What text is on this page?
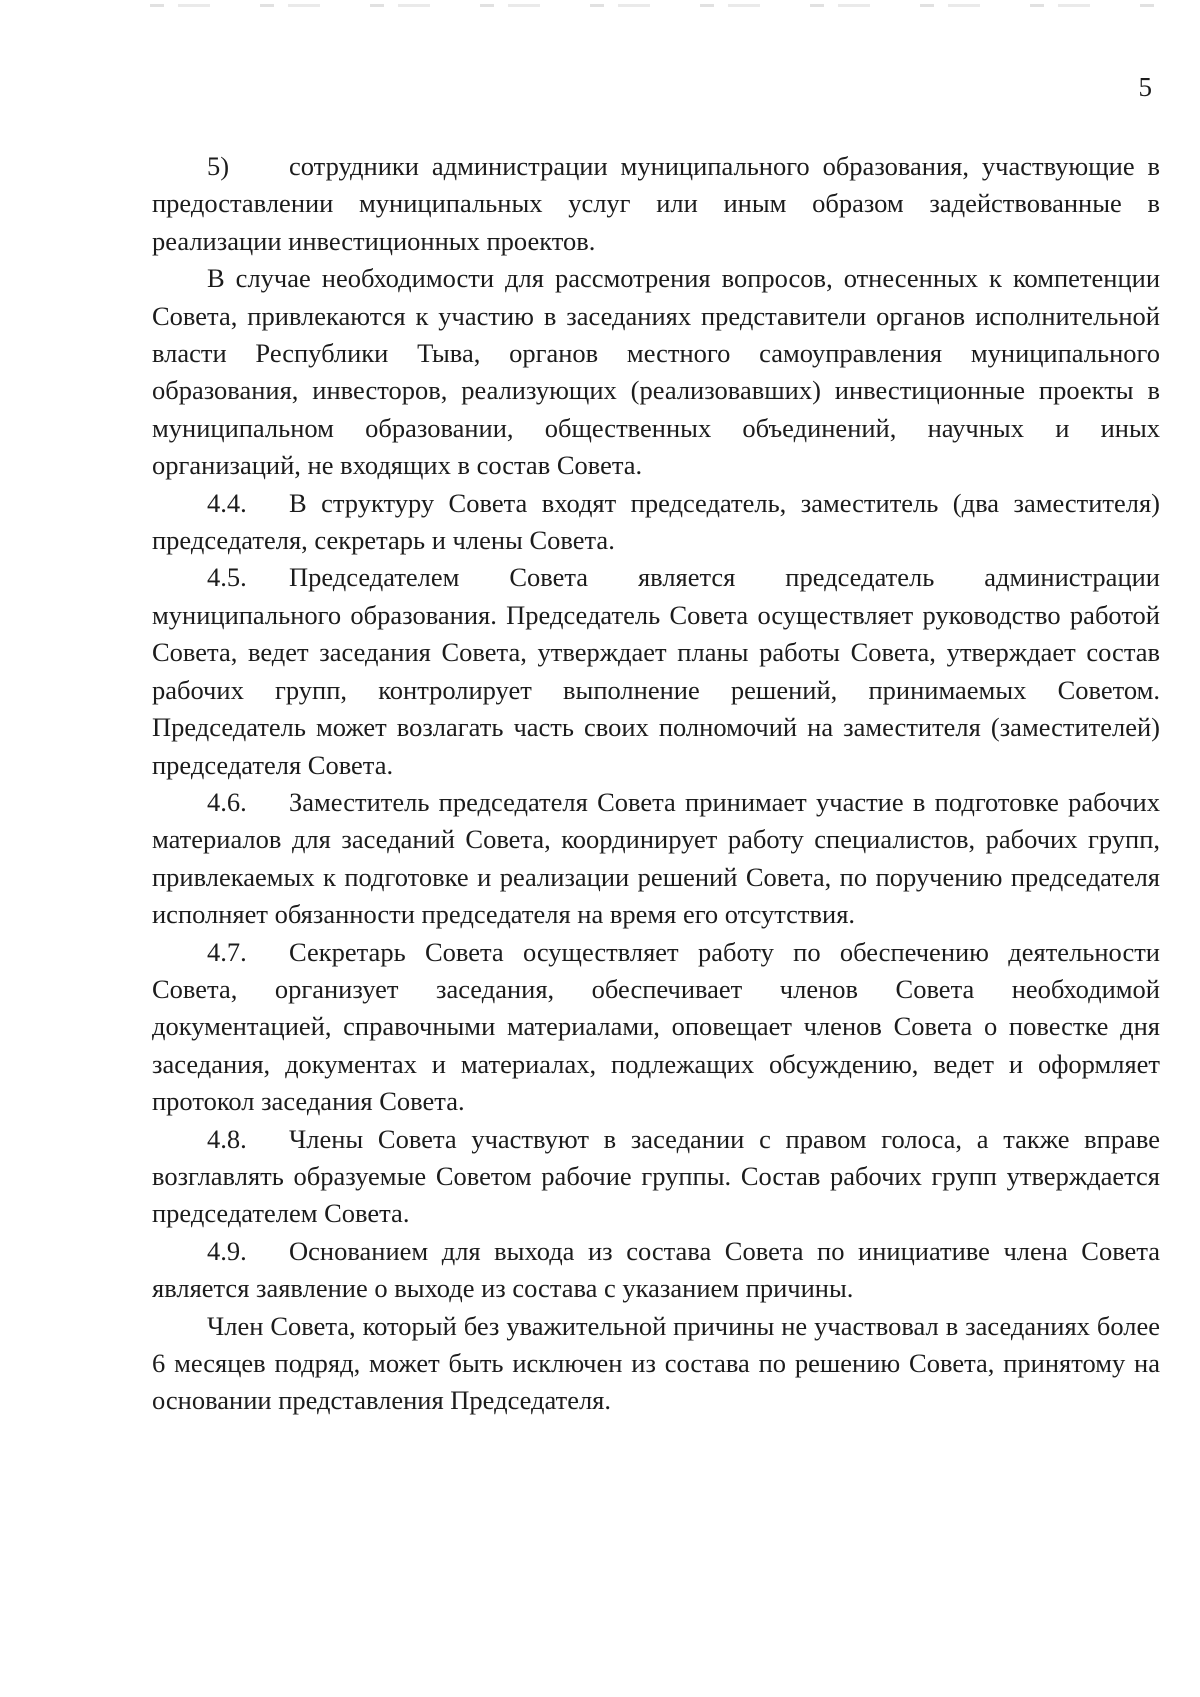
5

5) сотрудники администрации муниципального образования, участвующие в предоставлении муниципальных услуг или иным образом задействованные в реализации инвестиционных проектов.

В случае необходимости для рассмотрения вопросов, отнесенных к компетенции Совета, привлекаются к участию в заседаниях представители органов исполнительной власти Республики Тыва, органов местного самоуправления муниципального образования, инвесторов, реализующих (реализовавших) инвестиционные проекты в муниципальном образовании, общественных объединений, научных и иных организаций, не входящих в состав Совета.

4.4. В структуру Совета входят председатель, заместитель (два заместителя) председателя, секретарь и члены Совета.

4.5. Председателем Совета является председатель администрации муниципального образования. Председатель Совета осуществляет руководство работой Совета, ведет заседания Совета, утверждает планы работы Совета, утверждает состав рабочих групп, контролирует выполнение решений, принимаемых Советом. Председатель может возлагать часть своих полномочий на заместителя (заместителей) председателя Совета.

4.6. Заместитель председателя Совета принимает участие в подготовке рабочих материалов для заседаний Совета, координирует работу специалистов, рабочих групп, привлекаемых к подготовке и реализации решений Совета, по поручению председателя исполняет обязанности председателя на время его отсутствия.

4.7. Секретарь Совета осуществляет работу по обеспечению деятельности Совета, организует заседания, обеспечивает членов Совета необходимой документацией, справочными материалами, оповещает членов Совета о повестке дня заседания, документах и материалах, подлежащих обсуждению, ведет и оформляет протокол заседания Совета.

4.8. Члены Совета участвуют в заседании с правом голоса, а также вправе возглавлять образуемые Советом рабочие группы. Состав рабочих групп утверждается председателем Совета.

4.9. Основанием для выхода из состава Совета по инициативе члена Совета является заявление о выходе из состава с указанием причины.

Член Совета, который без уважительной причины не участвовал в заседаниях более 6 месяцев подряд, может быть исключен из состава по решению Совета, принятому на основании представления Председателя.
